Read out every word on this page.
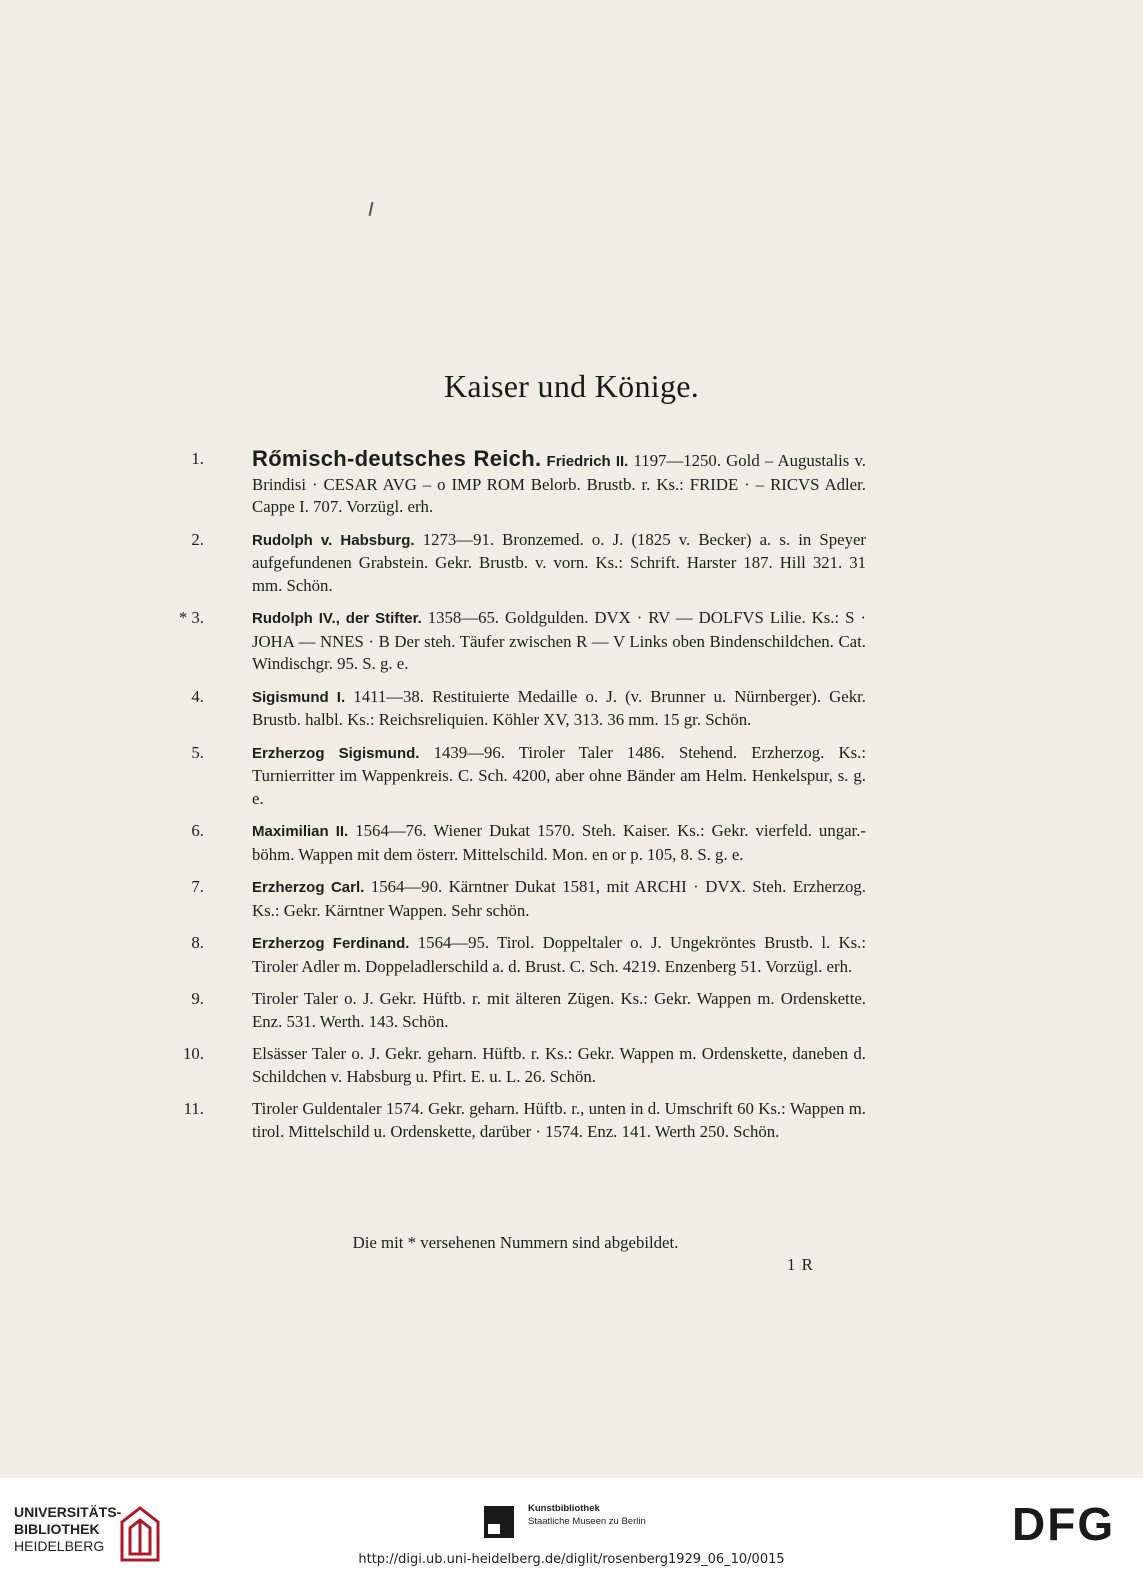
Kaiser und Könige.
1. Rőmisch-deutsches Reich. Friedrich II. 1197—1250. Gold – Augustalis v. Brindisi · CESAR AVG – o IMP ROM Belorb. Brustb. r. Ks.: FRIDE · – RICVS Adler. Cappe I. 707. Vorzügl. erh.
2.	Rudolph v. Habsburg. 1273—91. Bronzemed. o. J. (1825 v. Becker) a. s. in Speyer aufgefundenen Grabstein. Gekr. Brustb. v. vorn. Ks.: Schrift. Harster 187. Hill 321. 31 mm. Schön.
* 3.	Rudolph IV., der Stifter. 1358—65. Goldgulden. DVX · RV — DOLFVS Lilie. Ks.: S · JOHA — NNES · B Der steh. Täufer zwischen R — V Links oben Bindenschildchen. Cat. Windischgr. 95. S. g. e.
4.	Sigismund I. 1411—38. Restituierte Medaille o. J. (v. Brunner u. Nürnberger). Gekr. Brustb. halbl. Ks.: Reichsreliquien. Köhler XV, 313. 36 mm. 15 gr. Schön.
5.	Erzherzog Sigismund. 1439—96. Tiroler Taler 1486. Stehend. Erzherzog. Ks.: Turnierritter im Wappenkreis. C. Sch. 4200, aber ohne Bänder am Helm. Henkelspur, s. g. e.
6.	Maximilian II. 1564—76. Wiener Dukat 1570. Steh. Kaiser. Ks.: Gekr. vierfeld. ungar.-böhm. Wappen mit dem österr. Mittelschild. Mon. en or p. 105, 8. S. g. e.
7.	Erzherzog Carl. 1564—90. Kärntner Dukat 1581, mit ARCHI · DVX. Steh. Erzherzog. Ks.: Gekr. Kärntner Wappen. Sehr schön.
8.	Erzherzog Ferdinand. 1564—95. Tirol. Doppeltaler o. J. Ungekröntes Brustb. l. Ks.: Tiroler Adler m. Doppeladlerschild a. d. Brust. C. Sch. 4219. Enzenberg 51. Vorzügl. erh.
9.	Tiroler Taler o. J. Gekr. Hüftb. r. mit älteren Zügen. Ks.: Gekr. Wappen m. Ordenskette. Enz. 531. Werth. 143. Schön.
10.	Elsässer Taler o. J. Gekr. geharn. Hüftb. r. Ks.: Gekr. Wappen m. Ordenskette, daneben d. Schildchen v. Habsburg u. Pfirt. E. u. L. 26. Schön.
11.	Tiroler Guldentaler 1574. Gekr. geharn. Hüftb. r., unten in d. Umschrift 60 Ks.: Wappen m. tirol. Mittelschild u. Ordenskette, darüber · 1574. Enz. 141. Werth 250. Schön.
Die mit * versehenen Nummern sind abgebildet.
1 R
UNIVERSITÄTS-
BIBLIOTHEK
HEIDELBERG
Kunstbibliothek
Staatliche Museen zu Berlin	DFG
http://digi.ub.uni-heidelberg.de/diglit/rosenberg1929_06_10/0015
